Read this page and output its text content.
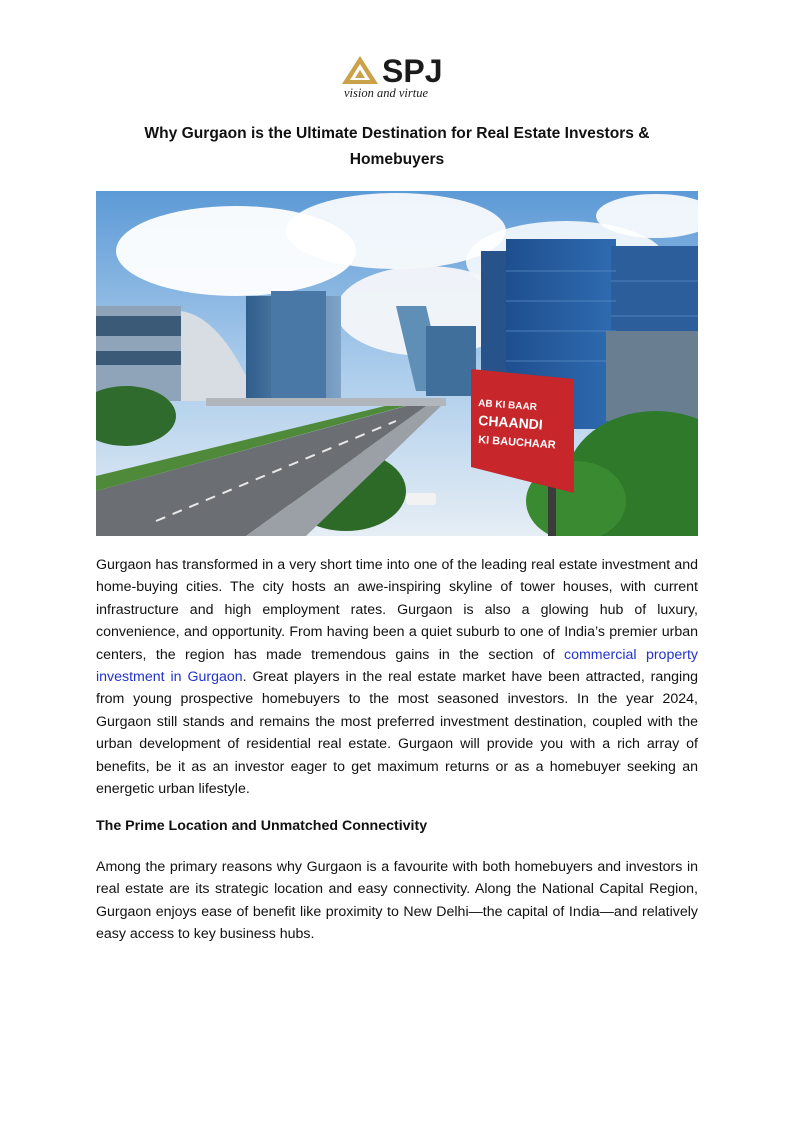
SPJ
vision and virtue
Why Gurgaon is the Ultimate Destination for Real Estate Investors & Homebuyers
AB KI BAAR
CHAANDI
KI BAUCHAAR

Gurgaon has transformed in a very short time into one of the leading real estate investment and home-buying cities. The city hosts an awe-inspiring skyline of tower houses, with current infrastructure and high employment rates. Gurgaon is also a glowing hub of luxury, convenience, and opportunity. From having been a quiet suburb to one of India’s premier urban centers, the region has made tremendous gains in the section of commercial property investment in Gurgaon. Great players in the real estate market have been attracted, ranging from young prospective homebuyers to the most seasoned investors. In the year 2024, Gurgaon still stands and remains the most preferred investment destination, coupled with the urban development of residential real estate. Gurgaon will provide you with a rich array of benefits, be it as an investor eager to get maximum returns or as a homebuyer seeking an energetic urban lifestyle.

The Prime Location and Unmatched Connectivity

Among the primary reasons why Gurgaon is a favourite with both homebuyers and investors in real estate are its strategic location and easy connectivity. Along the National Capital Region, Gurgaon enjoys ease of benefit like proximity to New Delhi—the capital of India—and relatively easy access to key business hubs.
